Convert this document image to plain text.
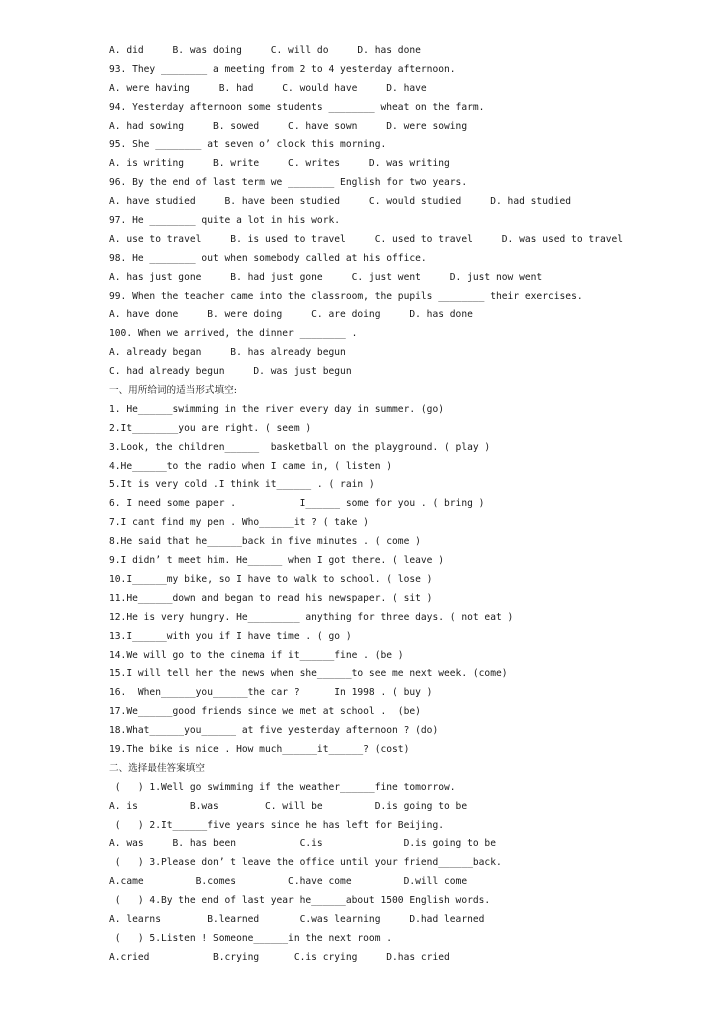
A. did     B. was doing     C. will do     D. has done
93. They ________ a meeting from 2 to 4 yesterday afternoon.
A. were having     B. had     C. would have     D. have
94. Yesterday afternoon some students ________ wheat on the farm.
A. had sowing     B. sowed     C. have sown     D. were sowing
95. She ________ at seven o’ clock this morning.
A. is writing     B. write     C. writes     D. was writing
96. By the end of last term we ________ English for two years.
A. have studied     B. have been studied     C. would studied     D. had studied
97. He ________ quite a lot in his work.
A. use to travel     B. is used to travel     C. used to travel     D. was used to travel
98. He ________ out when somebody called at his office.
A. has just gone     B. had just gone     C. just went     D. just now went
99. When the teacher came into the classroom, the pupils ________ their exercises.
A. have done     B. were doing     C. are doing     D. has done
100. When we arrived, the dinner ________ .
A. already began     B. has already begun
C. had already begun     D. was just begun
一、用所给词的适当形式填空:
1. He______swimming in the river every day in summer. (go)
2.It________you are right. ( seem )
3.Look, the children______  basketball on the playground. ( play )
4.He______to the radio when I came in, ( listen )
5.It is very cold .I think it______ . ( rain )
6. I need some paper .           I______ some for you . ( bring )
7.I cant find my pen . Who______it ? ( take )
8.He said that he______back in five minutes . ( come )
9.I didn’ t meet him. He______ when I got there. ( leave )
10.I______my bike, so I have to walk to school. ( lose )
11.He______down and began to read his newspaper. ( sit )
12.He is very hungry. He_________ anything for three days. ( not eat )
13.I______with you if I have time . ( go )
14.We will go to the cinema if it______fine . (be )
15.I will tell her the news when she______to see me next week. (come)
16.  When______you______the car ?      In 1998 . ( buy )
17.We______good friends since we met at school .  (be)
18.What______you______ at five yesterday afternoon ? (do)
19.The bike is nice . How much______it______? (cost)
二、选择最佳答案填空
(   ) 1.Well go swimming if the weather______fine tomorrow.
A. is         B.was        C. will be         D.is going to be
(   ) 2.It______five years since he has left for Beijing.
A. was     B. has been           C.is              D.is going to be
(   ) 3.Please don’ t leave the office until your friend______back.
A.came         B.comes         C.have come         D.will come
(   ) 4.By the end of last year he______about 1500 English words.
A. learns        B.learned       C.was learning     D.had learned
(   ) 5.Listen ! Someone______in the next room .
A.cried           B.crying      C.is crying     D.has cried
